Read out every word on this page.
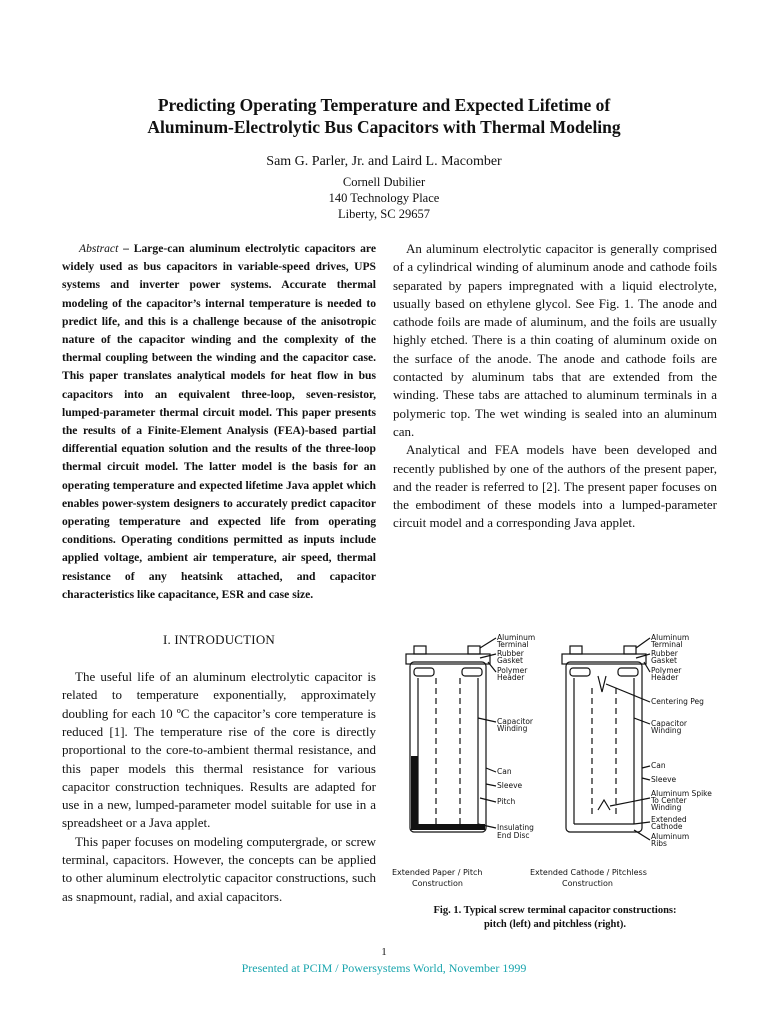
Predicting Operating Temperature and Expected Lifetime of
Aluminum-Electrolytic Bus Capacitors with Thermal Modeling
Sam G. Parler, Jr. and Laird L. Macomber
Cornell Dubilier
140 Technology Place
Liberty, SC 29657

Abstract – Large-can aluminum electrolytic capacitors are widely used as bus capacitors in variable-speed drives, UPS systems and inverter power systems. Accurate thermal modeling of the capacitor’s internal temperature is needed to predict life, and this is a challenge because of the anisotropic nature of the capacitor winding and the complexity of the thermal coupling between the winding and the capacitor case. This paper translates analytical models for heat flow in bus capacitors into an equivalent three-loop, seven-resistor, lumped-parameter thermal circuit model. This paper presents the results of a Finite-Element Analysis (FEA)-based partial differential equation solution and the results of the three-loop thermal circuit model. The latter model is the basis for an operating temperature and expected lifetime Java applet which enables power-system designers to accurately predict capacitor operating temperature and expected life from operating conditions. Operating conditions permitted as inputs include applied voltage, ambient air temperature, air speed, thermal resistance of any heatsink attached, and capacitor characteristics like capacitance, ESR and case size.

I. INTRODUCTION

The useful life of an aluminum electrolytic capacitor is related to temperature exponentially, approximately doubling for each 10 ºC the capacitor’s core temperature is reduced [1]. The temperature rise of the core is directly proportional to the core-to-ambient thermal resistance, and this paper models this thermal resistance for various capacitor construction techniques. Results are adapted for use in a new, lumped-parameter model suitable for use in a spreadsheet or a Java applet.

This paper focuses on modeling computergrade, or screw terminal, capacitors. However, the concepts can be applied to other aluminum electrolytic capacitor constructions, such as snapmount, radial, and axial capacitors.

An aluminum electrolytic capacitor is generally comprised of a cylindrical winding of aluminum anode and cathode foils separated by papers impregnated with a liquid electrolyte, usually based on ethylene glycol. See Fig. 1. The anode and cathode foils are made of aluminum, and the foils are usually highly etched. There is a thin coating of aluminum oxide on the surface of the anode. The anode and cathode foils are contacted by aluminum tabs that are extended from the winding. These tabs are attached to aluminum terminals in a polymeric top. The wet winding is sealed into an aluminum can.

Analytical and FEA models have been developed and recently published by one of the authors of the present paper, and the reader is referred to [2]. The present paper focuses on the embodiment of these models into a lumped-parameter circuit model and a corresponding Java applet.

Aluminum
Terminal
Rubber
Gasket
Polymer
Header
Capacitor
Winding
Can
Sleeve
Pitch
Insulating
End Disc
Aluminum
Terminal
Rubber
Gasket
Polymer
Header
Centering Peg
Capacitor
Winding
Can
Sleeve
Aluminum Spike
To Center
Winding
Extended
Cathode
Aluminum
Ribs
Extended Paper / Pitch
Construction
Extended Cathode / Pitchless
Construction
Fig. 1. Typical screw terminal capacitor constructions:
pitch (left) and pitchless (right).
1
Presented at PCIM / Powersystems World, November 1999
